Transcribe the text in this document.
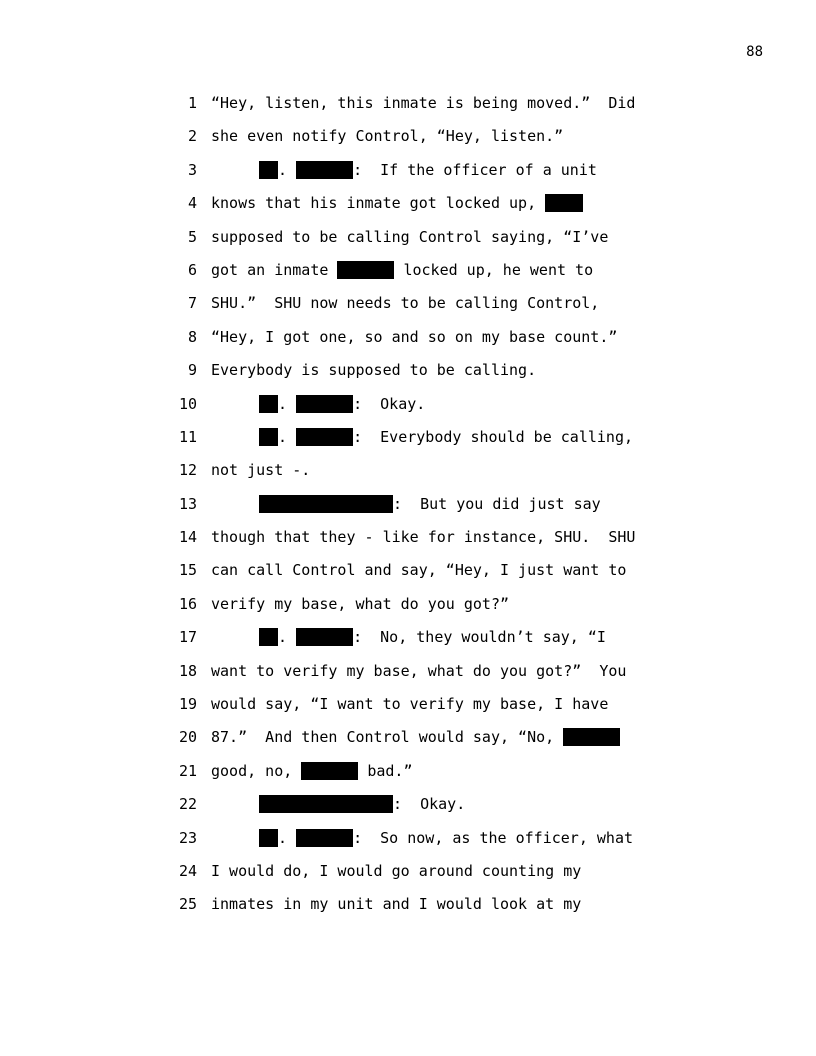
88
1 “Hey, listen, this inmate is being moved.”  Did
2 she even notify Control, “Hey, listen.”
3	.	:  If the officer of a unit
4 knows that his inmate got locked up,
5 supposed to be calling Control saying, “I’ve
6 got an inmate	locked up, he went to
7 SHU.”  SHU now needs to be calling Control,
8 “Hey, I got one, so and so on my base count.”
9 Everybody is supposed to be calling.
10	.	:  Okay.
11	.	:  Everybody should be calling,
12 not just -.
13	:  But you did just say
14 though that they - like for instance, SHU.  SHU
15 can call Control and say, “Hey, I just want to
16 verify my base, what do you got?”
17	.	:  No, they wouldn’t say, “I
18 want to verify my base, what do you got?”  You
19 would say, “I want to verify my base, I have
20 87.”  And then Control would say, “No,
21 good, no,	bad.”
22	:  Okay.
23	.	:  So now, as the officer, what
24 I would do, I would go around counting my
25 inmates in my unit and I would look at my
